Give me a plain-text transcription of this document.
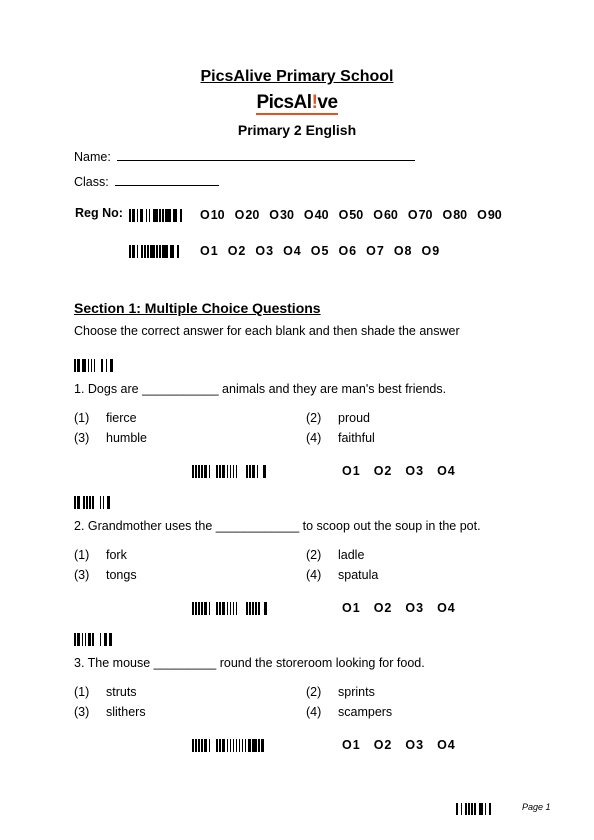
PicsAlive Primary School
PicsAl!ve
Primary 2 English
Name:
Class:
Reg No:	O 10 O 20 O 30 O 40 O 50 O 60 O 70 O 80 O 90
O 1 O 2 O 3 O 4 O 5 O 6 O 7 O 8 O 9
Section 1: Multiple Choice Questions
Choose the correct answer for each blank and then shade the answer
1. Dogs are ___________ animals and they are man's best friends.
(1) fierce	(2) proud
(3) humble	(4) faithful
O 1 O 2 O 3 O 4
2. Grandmother uses the ____________ to scoop out the soup in the pot.
(1) fork	(2) ladle
(3) tongs	(4) spatula
O 1 O 2 O 3 O 4
3. The mouse _________ round the storeroom looking for food.
(1) struts	(2) sprints
(3) slithers	(4) scampers
O 1 O 2 O 3 O 4
Page 1
